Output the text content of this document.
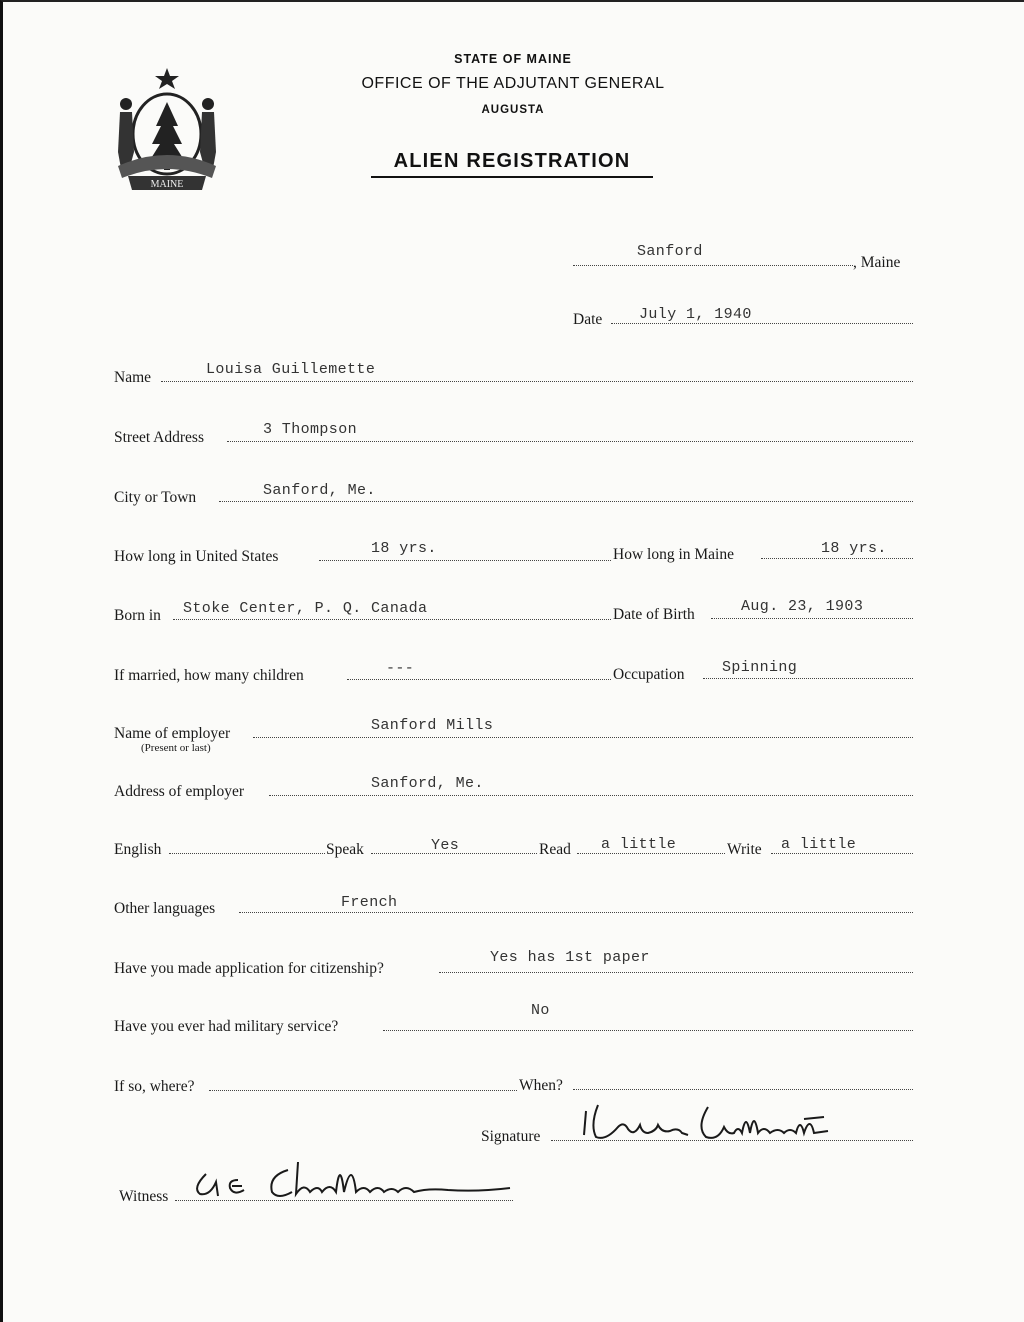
MAINE
STATE OF MAINE
OFFICE OF THE ADJUTANT GENERAL
AUGUSTA
ALIEN REGISTRATION
Sanford
, Maine
Date July 1, 1940
Name	Louisa Guillemette
Street Address	3 Thompson
City or Town	Sanford, Me.
How long in United States	18 yrs.	How long in Maine	18 yrs.
Born in Stoke Center, P. Q. Canada	Date of Birth	Aug. 23, 1903
If married, how many children	---	Occupation	Spinning
Name of employer
(Present or last)
Sanford Mills
Address of employer	Sanford, Me.
English	Speak	Yes	Read a little	Write a little
Other languages	French
Have you made application for citizenship?
Yes has 1st paper
Have you ever had military service?
No
If so, where?	When?
Signature
Witness
